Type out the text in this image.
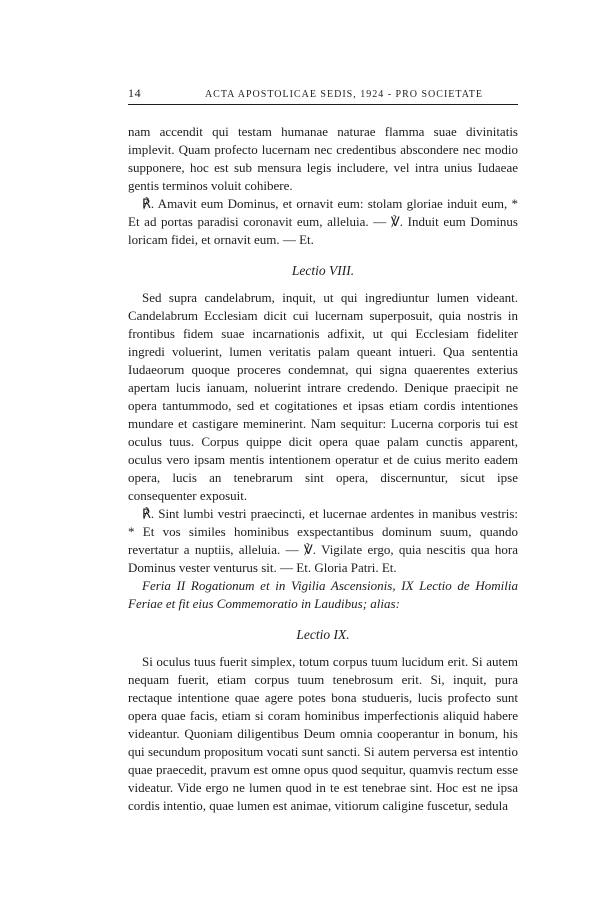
14	ACTA APOSTOLICAE SEDIS, 1924 - PRO SOCIETATE

nam accendit qui testam humanae naturae flamma suae divinitatis implevit. Quam profecto lucernam nec credentibus abscondere nec modio supponere, hoc est sub mensura legis includere, vel intra unius Iudaeae gentis terminos voluit cohibere.

℟. Amavit eum Dominus, et ornavit eum: stolam gloriae induit eum, * Et ad portas paradisi coronavit eum, alleluia. — ℣. Induit eum Dominus loricam fidei, et ornavit eum. — Et.

Lectio VIII.

Sed supra candelabrum, inquit, ut qui ingrediuntur lumen videant. Candelabrum Ecclesiam dicit cui lucernam superposuit, quia nostris in frontibus fidem suae incarnationis adfixit, ut qui Ecclesiam fideliter ingredi voluerint, lumen veritatis palam queant intueri. Qua sententia Iudaeorum quoque proceres condemnat, qui signa quaerentes exterius apertam lucis ianuam, noluerint intrare credendo. Denique praecipit ne opera tantummodo, sed et cogitationes et ipsas etiam cordis intentiones mundare et castigare meminerint. Nam sequitur: Lucerna corporis tui est oculus tuus. Corpus quippe dicit opera quae palam cunctis apparent, oculus vero ipsam mentis intentionem operatur et de cuius merito eadem opera, lucis an tenebrarum sint opera, discernuntur, sicut ipse consequenter exposuit.

℟. Sint lumbi vestri praecincti, et lucernae ardentes in manibus vestris: * Et vos similes hominibus exspectantibus dominum suum, quando revertatur a nuptiis, alleluia. — ℣. Vigilate ergo, quia nescitis qua hora Dominus vester venturus sit. — Et. Gloria Patri. Et.

Feria II Rogationum et in Vigilia Ascensionis, IX Lectio de Homilia Feriae et fit eius Commemoratio in Laudibus; alias:

Lectio IX.

Si oculus tuus fuerit simplex, totum corpus tuum lucidum erit. Si autem nequam fuerit, etiam corpus tuum tenebrosum erit. Si, inquit, pura rectaque intentione quae agere potes bona studueris, lucis profecto sunt opera quae facis, etiam si coram hominibus imperfectionis aliquid habere videantur. Quoniam diligentibus Deum omnia cooperantur in bonum, his qui secundum propositum vocati sunt sancti. Si autem perversa est intentio quae praecedit, pravum est omne opus quod sequitur, quamvis rectum esse videatur. Vide ergo ne lumen quod in te est tenebrae sint. Hoc est ne ipsa cordis intentio, quae lumen est animae, vitiorum caligine fuscetur, sedula
